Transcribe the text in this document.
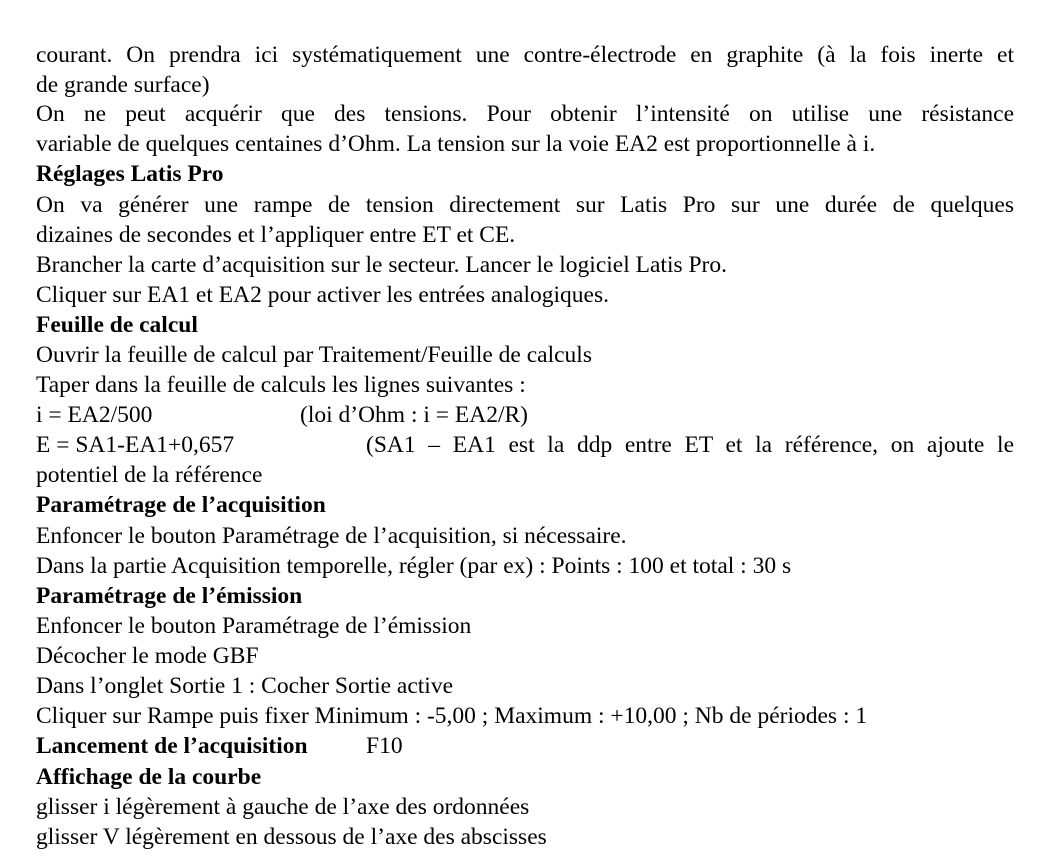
courant. On prendra ici systématiquement une contre-électrode en graphite (à la fois inerte et
de grande surface)
On ne peut acquérir que des tensions. Pour obtenir l’intensité on utilise une résistance
variable de quelques centaines d’Ohm. La tension sur la voie EA2 est proportionnelle à i.
Réglages Latis Pro
On va générer une rampe de tension directement sur Latis Pro sur une durée de quelques
dizaines de secondes et l’appliquer entre ET et CE.
Brancher la carte d’acquisition sur le secteur. Lancer le logiciel Latis Pro.
Cliquer sur EA1 et EA2 pour activer les entrées analogiques.
Feuille de calcul
Ouvrir la feuille de calcul par Traitement/Feuille de calculs
Taper dans la feuille de calculs les lignes suivantes :
i = EA2/500	(loi d’Ohm : i = EA2/R)
E = SA1-EA1+0,657	(SA1 – EA1 est la ddp entre ET et la référence, on ajoute le
potentiel de la référence
Paramétrage de l’acquisition
Enfoncer le bouton Paramétrage de l’acquisition, si nécessaire.
Dans la partie Acquisition temporelle, régler (par ex) : Points : 100 et total : 30 s
Paramétrage de l’émission
Enfoncer le bouton Paramétrage de l’émission
Décocher le mode GBF
Dans l’onglet Sortie 1 : Cocher Sortie active
Cliquer sur Rampe puis fixer Minimum : -5,00 ; Maximum : +10,00 ; Nb de périodes : 1
Lancement de l’acquisition F10
Affichage de la courbe
glisser i légèrement à gauche de l’axe des ordonnées
glisser V légèrement en dessous de l’axe des abscisses
